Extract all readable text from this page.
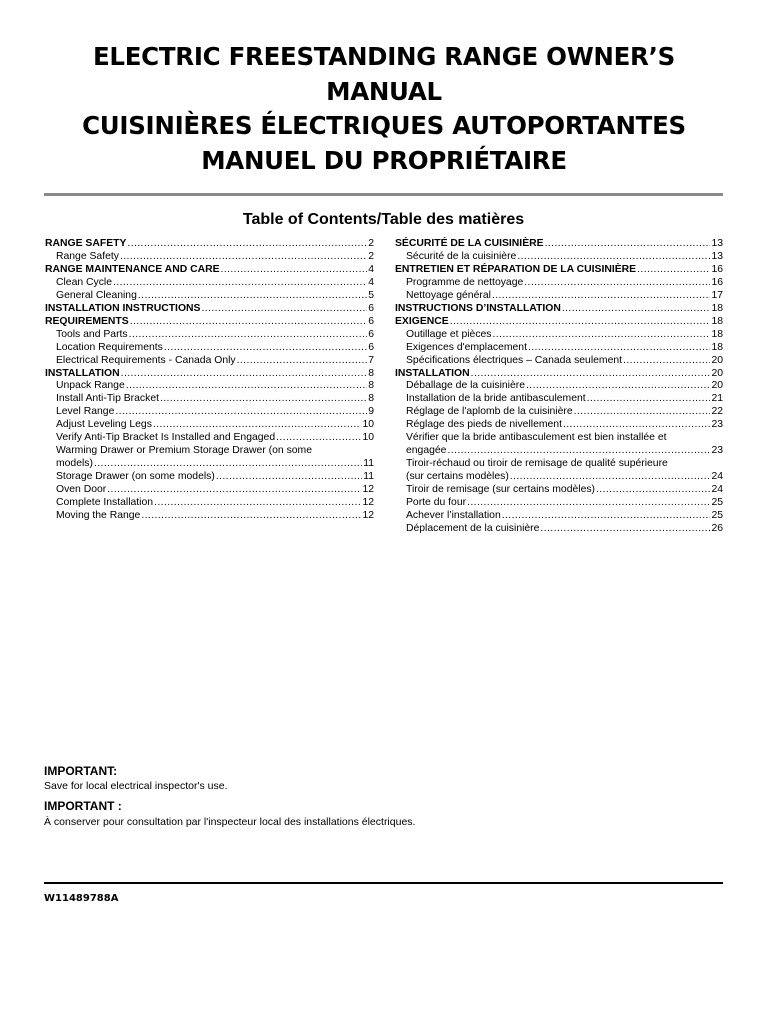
ELECTRIC FREESTANDING RANGE OWNER’S
MANUAL
CUISINIÈRES ÉLECTRIQUES AUTOPORTANTES
MANUEL DU PROPRIÉTAIRE
Table of Contents/Table des matières
RANGE SAFETY .....	2
Range Safety .....	2
RANGE MAINTENANCE AND CARE .....	4
Clean Cycle .....	4
General Cleaning .....	5
INSTALLATION INSTRUCTIONS .....	6
REQUIREMENTS .....	6
Tools and Parts .....	6
Location Requirements .....	6
Electrical Requirements - Canada Only .....	7
INSTALLATION .....	8
Unpack Range .....	8
Install Anti-Tip Bracket .....	8
Level Range .....	9
Adjust Leveling Legs .....	10
Verify Anti-Tip Bracket Is Installed and Engaged .....	10
Warming Drawer or Premium Storage Drawer (on some
models) .....	11
Storage Drawer (on some models) .....	11
Oven Door .....	12
Complete Installation .....	12
Moving the Range .....	12
SÉCURITÉ DE LA CUISINIÈRE .....	13
Sécurité de la cuisinière .....	13
ENTRETIEN ET RÉPARATION DE LA CUISINIÈRE .....	16
Programme de nettoyage .....	16
Nettoyage général .....	17
INSTRUCTIONS D’INSTALLATION .....	18
EXIGENCE .....	18
Outillage et pièces .....	18
Exigences d'emplacement .....	18
Spécifications électriques – Canada seulement .....	20
INSTALLATION .....	20
Déballage de la cuisinière .....	20
Installation de la bride antibasculement .....	21
Réglage de l'aplomb de la cuisinière .....	22
Réglage des pieds de nivellement .....	23
Vérifier que la bride antibasculement est bien installée et
engagée .....	23
Tiroir-réchaud ou tiroir de remisage de qualité supérieure
(sur certains modèles) .....	24
Tiroir de remisage (sur certains modèles) .....	24
Porte du four .....	25
Achever l’installation .....	25
Déplacement de la cuisinière .....	26
IMPORTANT:
Save for local electrical inspector's use.
IMPORTANT :
À conserver pour consultation par l'inspecteur local des installations électriques.
W11489788A
